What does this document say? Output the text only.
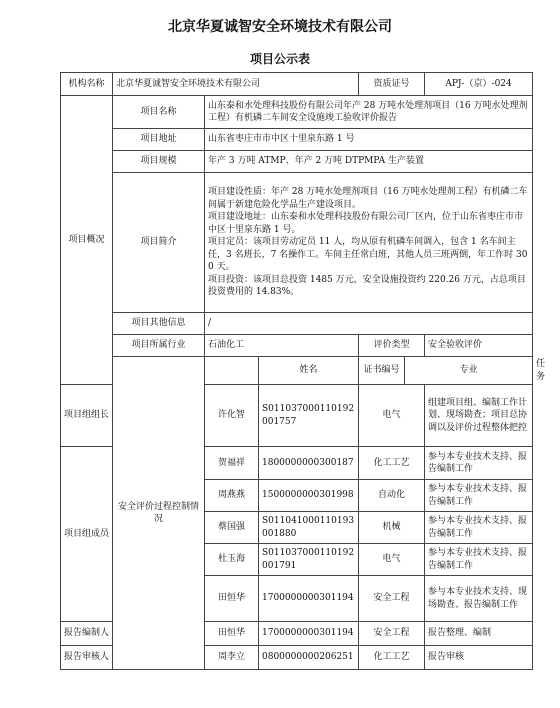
北京华夏诚智安全环境技术有限公司
项目公示表
机构名称	北京华夏诚智安全环境技术有限公司			资质证号		APJ-（京）-024	
项目概况	项目名称	山东泰和水处理科技股份有限公司年产 28 万吨水处理剂项目（16 万吨水处理剂工程）有机磷二车间安全设施竣工验收评价报告					
	项目地址	山东省枣庄市市中区十里泉东路 1 号					
	项目规模	年产 3 万吨 ATMP、年产 2 万吨 DTPMPA 生产装置					
	项目简介	项目建设性质：年产 28 万吨水处理剂项目（16 万吨水处理剂工程）有机磷二车间属于新建危险化学品生产建设项目。
项目建设地址：山东泰和水处理科技股份有限公司厂区内，位于山东省枣庄市市中区十里泉东路 1 号。
项目定员：该项目劳动定员 11 人，均从原有机磷车间调入，包含 1 名车间主任，3 名班长，7 名操作工。车间主任常白班，其他人员三班两倒，年工作时 300 天。
项目投资：该项目总投资 1485 万元，安全设施投资约 220.26 万元，占总项目投资费用的 14.83%。					

	项目其他信息	/					
	项目所属行业	石油化工		评价类型		安全验收评价	
	安全评价过程控制情况		姓名	证书编号	专业		任务
项目组组长		许化智	S011037000110192001757	电气		组建项目组、编制工作计划、现场勘查；项目总协调以及评价过程整体把控	
项目组成员		贺福祥	1800000000300187	化工工艺		参与本专业技术支持、报告编制工作	
		周燕燕	1500000000301998	自动化		参与本专业技术支持、报告编制工作	
		蔡国强	S011041000110193001880	机械		参与本专业技术支持、报告编制工作	
		杜玉海	S011037000110192001791	电气		参与本专业技术支持、报告编制工作	
		田恒华	1700000000301194	安全工程		参与本专业技术支持、现场勘查、报告编制工作	
报告编制人		田恒华	1700000000301194	安全工程		报告整理、编制	
报告审核人		周李立	0800000000206251	化工工艺		报告审核	
